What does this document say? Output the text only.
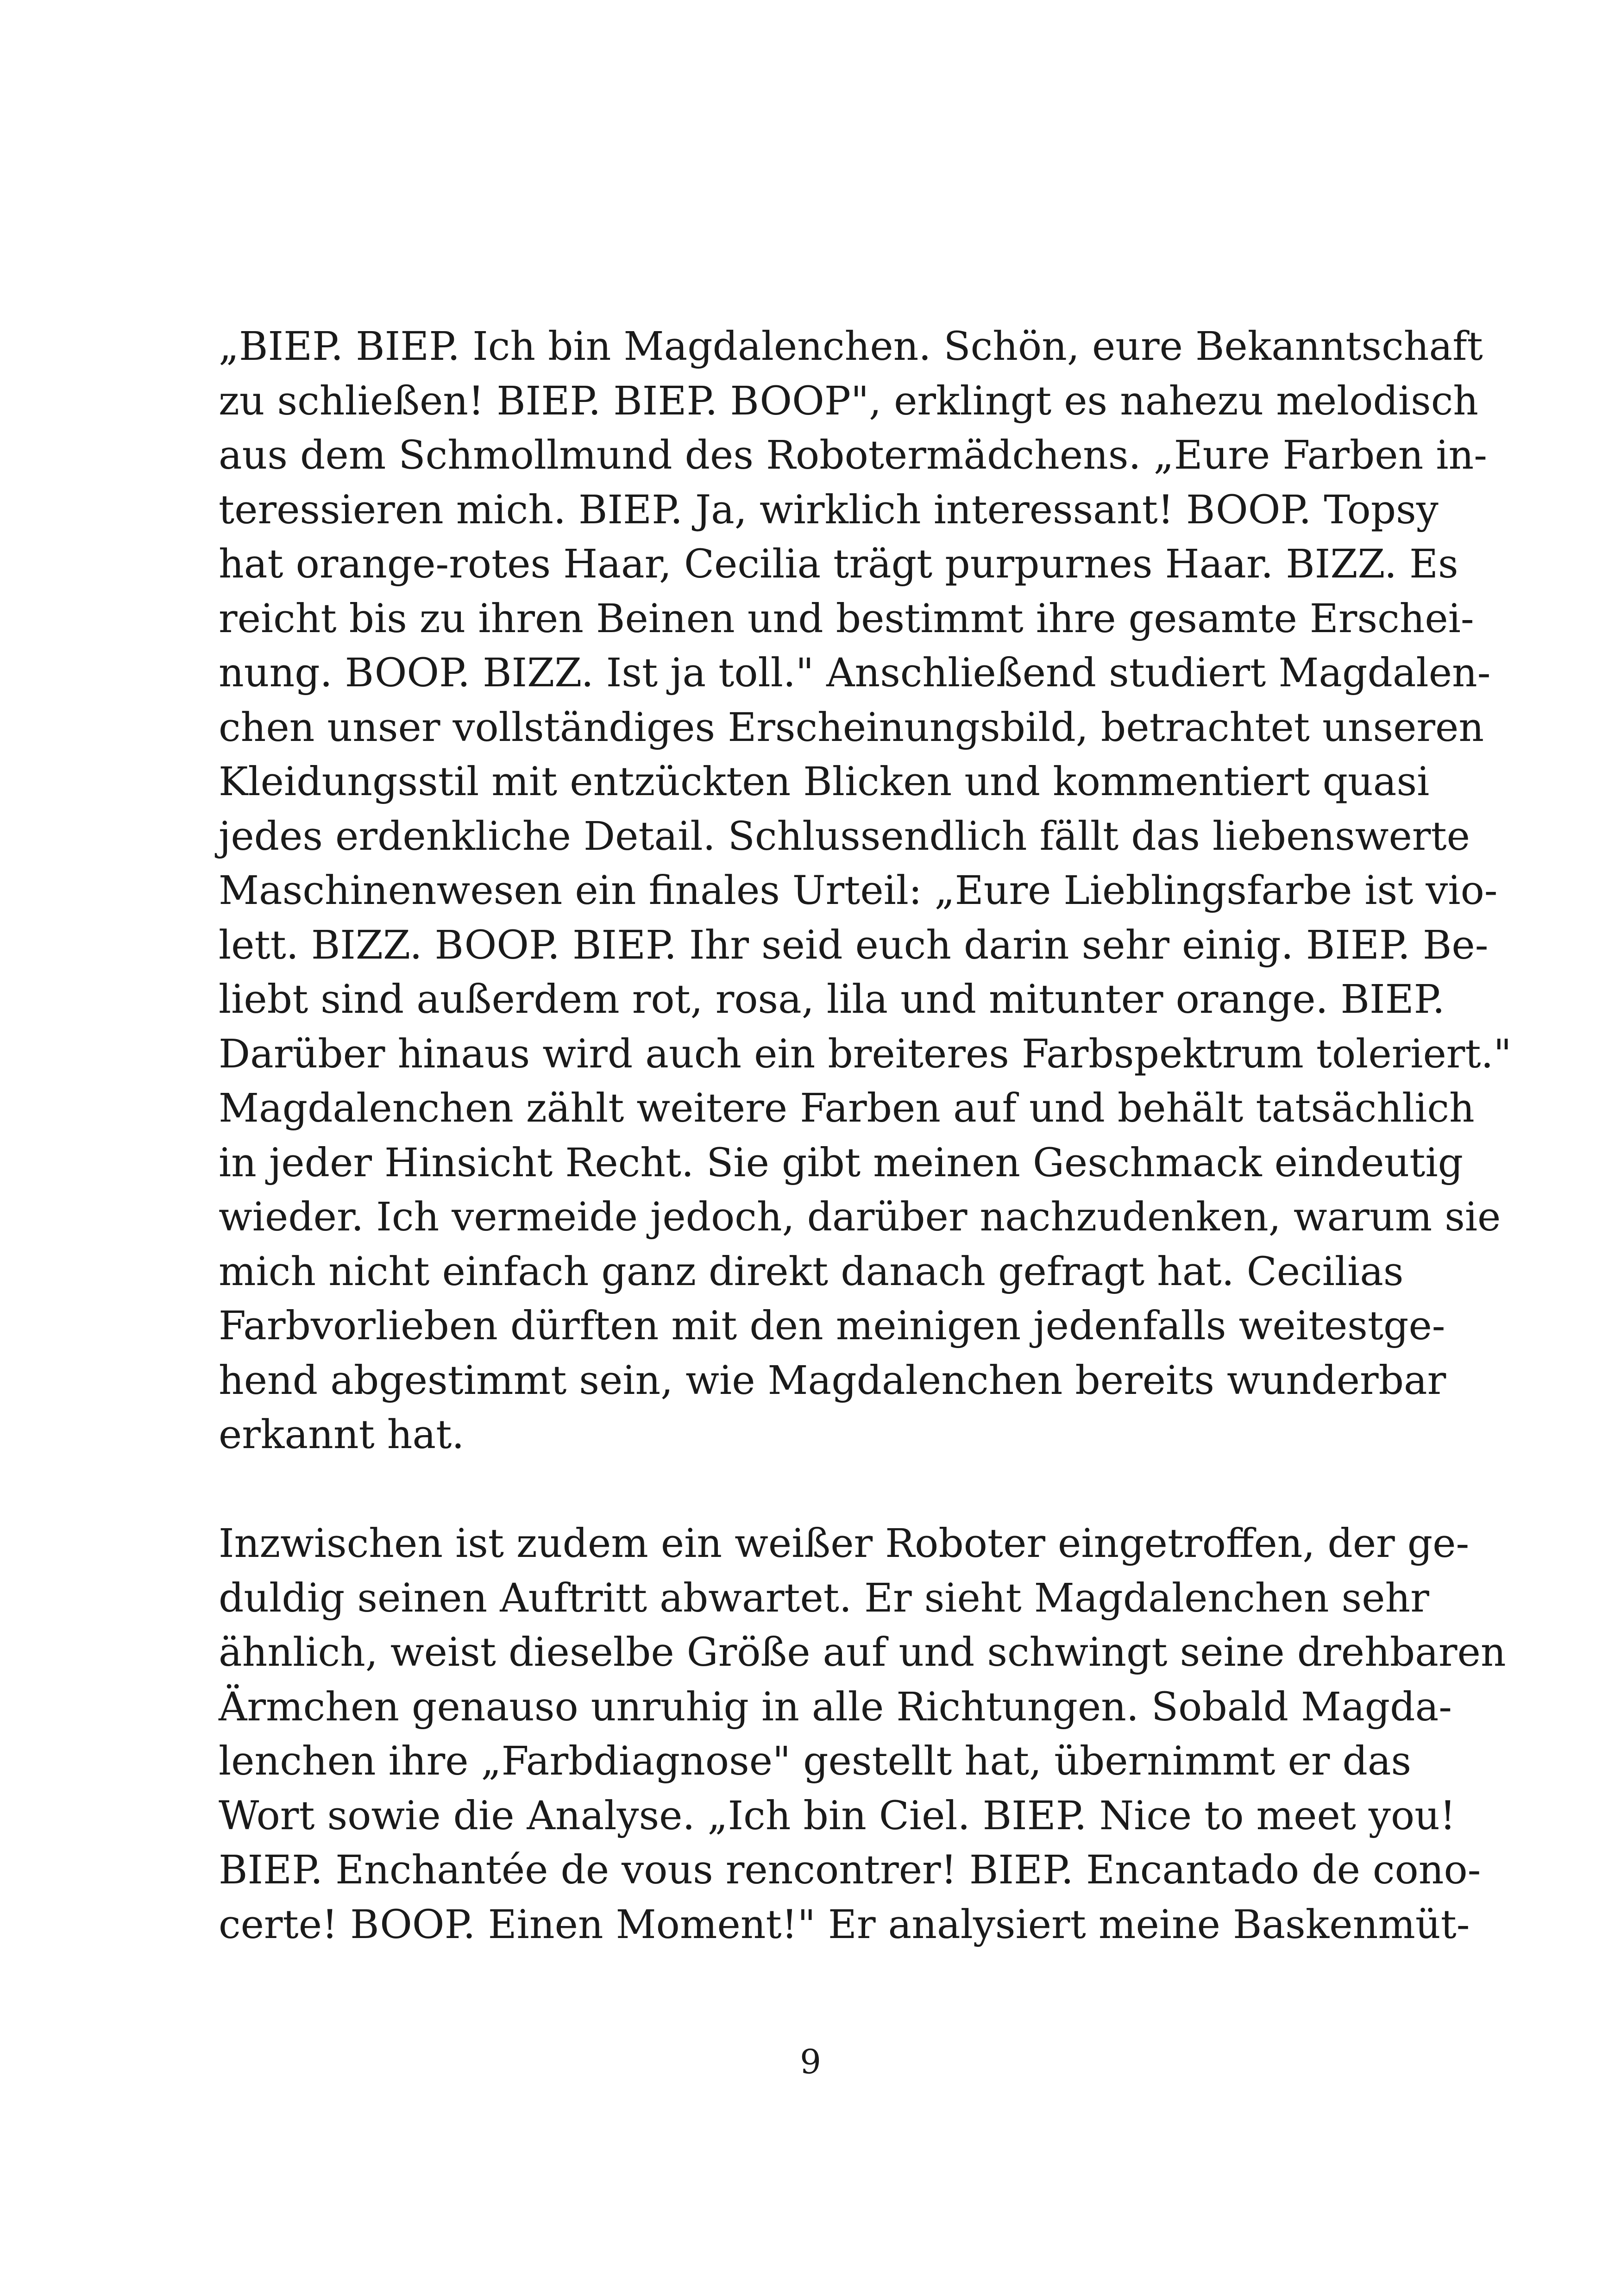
„BIEP. BIEP. Ich bin Magdalenchen. Schön, eure Bekanntschaft
zu schließen! BIEP. BIEP. BOOP", erklingt es nahezu melodisch
aus dem Schmollmund des Robotermädchens. „Eure Farben in-
teressieren mich. BIEP. Ja, wirklich interessant! BOOP. Topsy
hat orange-rotes Haar, Cecilia trägt purpurnes Haar. BIZZ. Es
reicht bis zu ihren Beinen und bestimmt ihre gesamte Erschei-
nung. BOOP. BIZZ. Ist ja toll." Anschließend studiert Magdalen-
chen unser vollständiges Erscheinungsbild, betrachtet unseren
Kleidungsstil mit entzückten Blicken und kommentiert quasi
jedes erdenkliche Detail. Schlussendlich fällt das liebenswerte
Maschinenwesen ein finales Urteil: „Eure Lieblingsfarbe ist vio-
lett. BIZZ. BOOP. BIEP. Ihr seid euch darin sehr einig. BIEP. Be-
liebt sind außerdem rot, rosa, lila und mitunter orange. BIEP.
Darüber hinaus wird auch ein breiteres Farbspektrum toleriert."
Magdalenchen zählt weitere Farben auf und behält tatsächlich
in jeder Hinsicht Recht. Sie gibt meinen Geschmack eindeutig
wieder. Ich vermeide jedoch, darüber nachzudenken, warum sie
mich nicht einfach ganz direkt danach gefragt hat. Cecilias
Farbvorlieben dürften mit den meinigen jedenfalls weitestge-
hend abgestimmt sein, wie Magdalenchen bereits wunderbar
erkannt hat.
Inzwischen ist zudem ein weißer Roboter eingetroffen, der ge-
duldig seinen Auftritt abwartet. Er sieht Magdalenchen sehr
ähnlich, weist dieselbe Größe auf und schwingt seine drehbaren
Ärmchen genauso unruhig in alle Richtungen. Sobald Magda-
lenchen ihre „Farbdiagnose" gestellt hat, übernimmt er das
Wort sowie die Analyse. „Ich bin Ciel. BIEP. Nice to meet you!
BIEP. Enchantée de vous rencontrer! BIEP. Encantado de cono-
certe! BOOP. Einen Moment!" Er analysiert meine Baskenmüt-
9
